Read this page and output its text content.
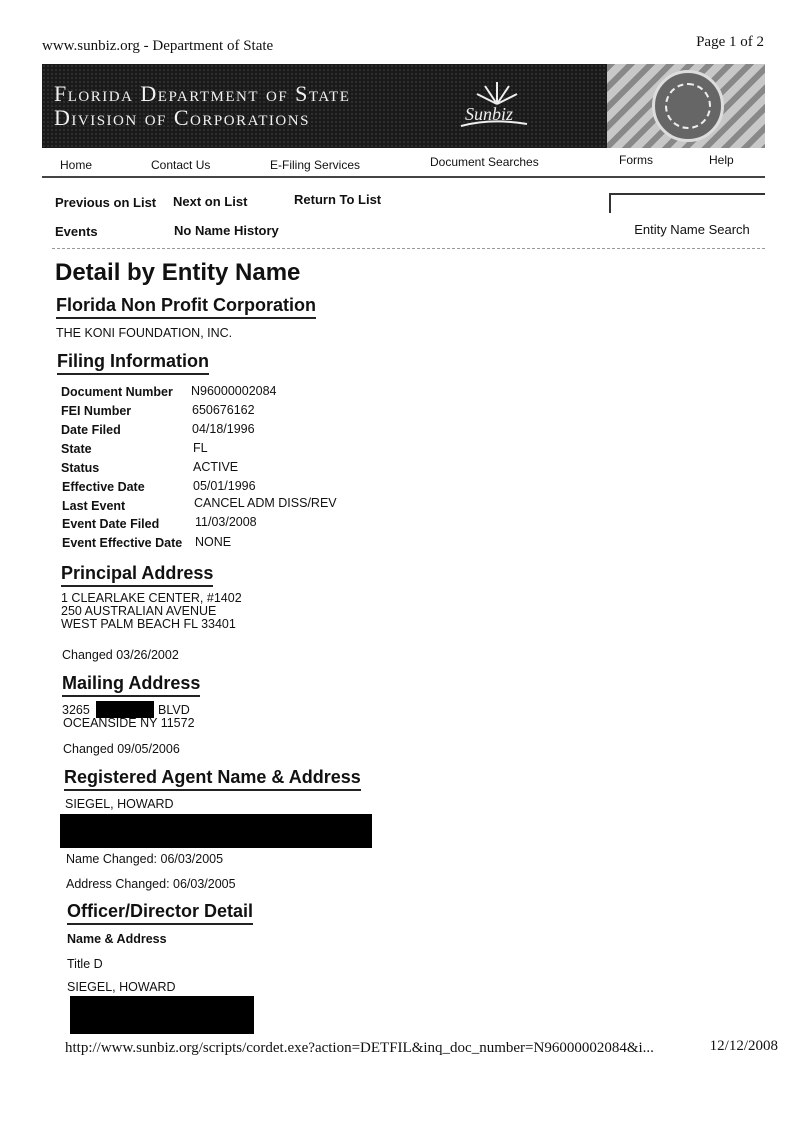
www.sunbiz.org - Department of State	Page 1 of 2
Florida Department of State
Division of Corporations	Sunbiz
Home	Contact Us	E-Filing Services	Document Searches	Forms	Help
Previous on List Next on List	Return To List
Events	No Name History	Entity Name Search
Detail by Entity Name
Florida Non Profit Corporation
THE KONI FOUNDATION, INC.
Filing Information
Document Number N96000002084
FEI Number	650676162
Date Filed	04/18/1996
State	FL
Status	ACTIVE
Effective Date	05/01/1996
Last Event	CANCEL ADM DISS/REV
Event Date Filed	11/03/2008
Event Effective Date NONE
Principal Address
1 CLEARLAKE CENTER, #1402
250 AUSTRALIAN AVENUE
WEST PALM BEACH FL 33401
Changed 03/26/2002
Mailing Address
3265	BLVD
OCEANSIDE NY 11572
Changed 09/05/2006
Registered Agent Name & Address
SIEGEL, HOWARD
Name Changed: 06/03/2005
Address Changed: 06/03/2005
Officer/Director Detail
Name & Address
Title D
SIEGEL, HOWARD
http://www.sunbiz.org/scripts/cordet.exe?action=DETFIL&inq_doc_number=N96000002084&i...	12/12/2008
